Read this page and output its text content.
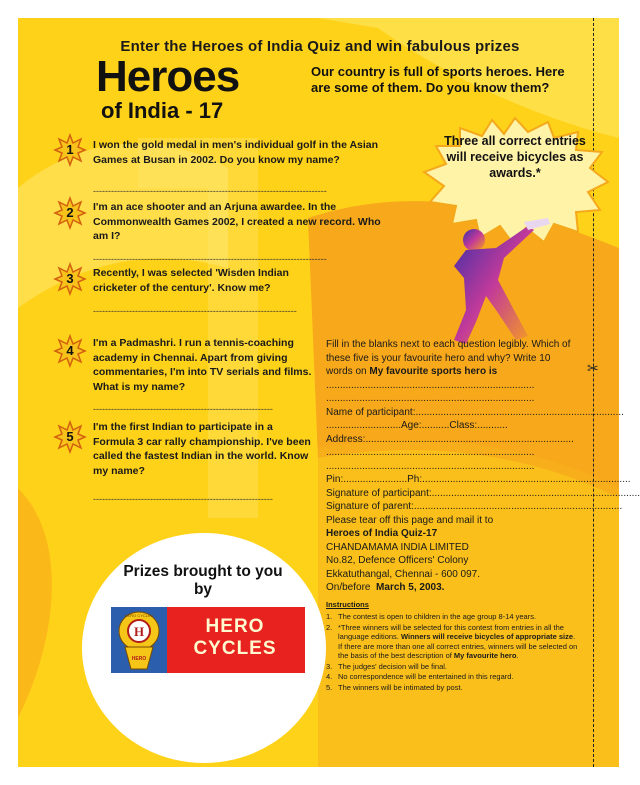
✂
Enter the Heroes of India Quiz and win fabulous prizes
Heroes
of India - 17
Our country is full of sports heroes. Here are some of them. Do you know them?
Three all correct entries will receive bicycles as awards.*
1	I won the gold medal in men's individual golf in the Asian Games at Busan in 2002. Do you know my name?
------------------------------------------------------------------------------
2	I'm an ace shooter and an Arjuna awardee. In the Commonwealth Games 2002, I created a new record. Who am I?
------------------------------------------------------------------------------
3	Recently, I was selected 'Wisden Indian cricketer of the century'. Know me?
--------------------------------------------------------------------
4	I'm a Padmashri. I run a tennis-coaching academy in Chennai. Apart from giving commentaries, I'm into TV serials and films. What is my name?
------------------------------------------------------------
5
I'm the first Indian to participate in a Formula 3 car rally championship. I've been called the fastest Indian in the world. Know my name?
------------------------------------------------------------
Fill in the blanks next to each question legibly. Which of these five is your favourite hero and why? Write 10 words on My favourite sports hero is
...........................................................................
...........................................................................
Name of participant:...........................................................................
...........................Age:..........Class:...........
Address:...........................................................................
...........................................................................
...........................................................................
Pin:.......................Ph:...........................................................................
Signature of participant:...........................................................................
Signature of parent:...........................................................................
Please tear off this page and mail it to
Heroes of India Quiz-17
CHANDAMAMA INDIA LIMITED
No.82, Defence Officers' Colony
Ekkatuthangal, Chennai - 600 097.
On/before March 5, 2003.
Instructions
1. The contest is open to children in the age group 8-14 years.
2. *Three winners will be selected for this contest from entries in all the language editions. Winners will receive bicycles of appropriate size. If there are more than one all correct entries, winners will be selected on the basis of the best description of My favourite hero.
3. The judges' decision will be final.
4. No correspondence will be entertained in this regard.
5. The winners will be intimated by post.
Prizes brought to you by
H
HERO CYCLES
HERO
HERO
CYCLES
